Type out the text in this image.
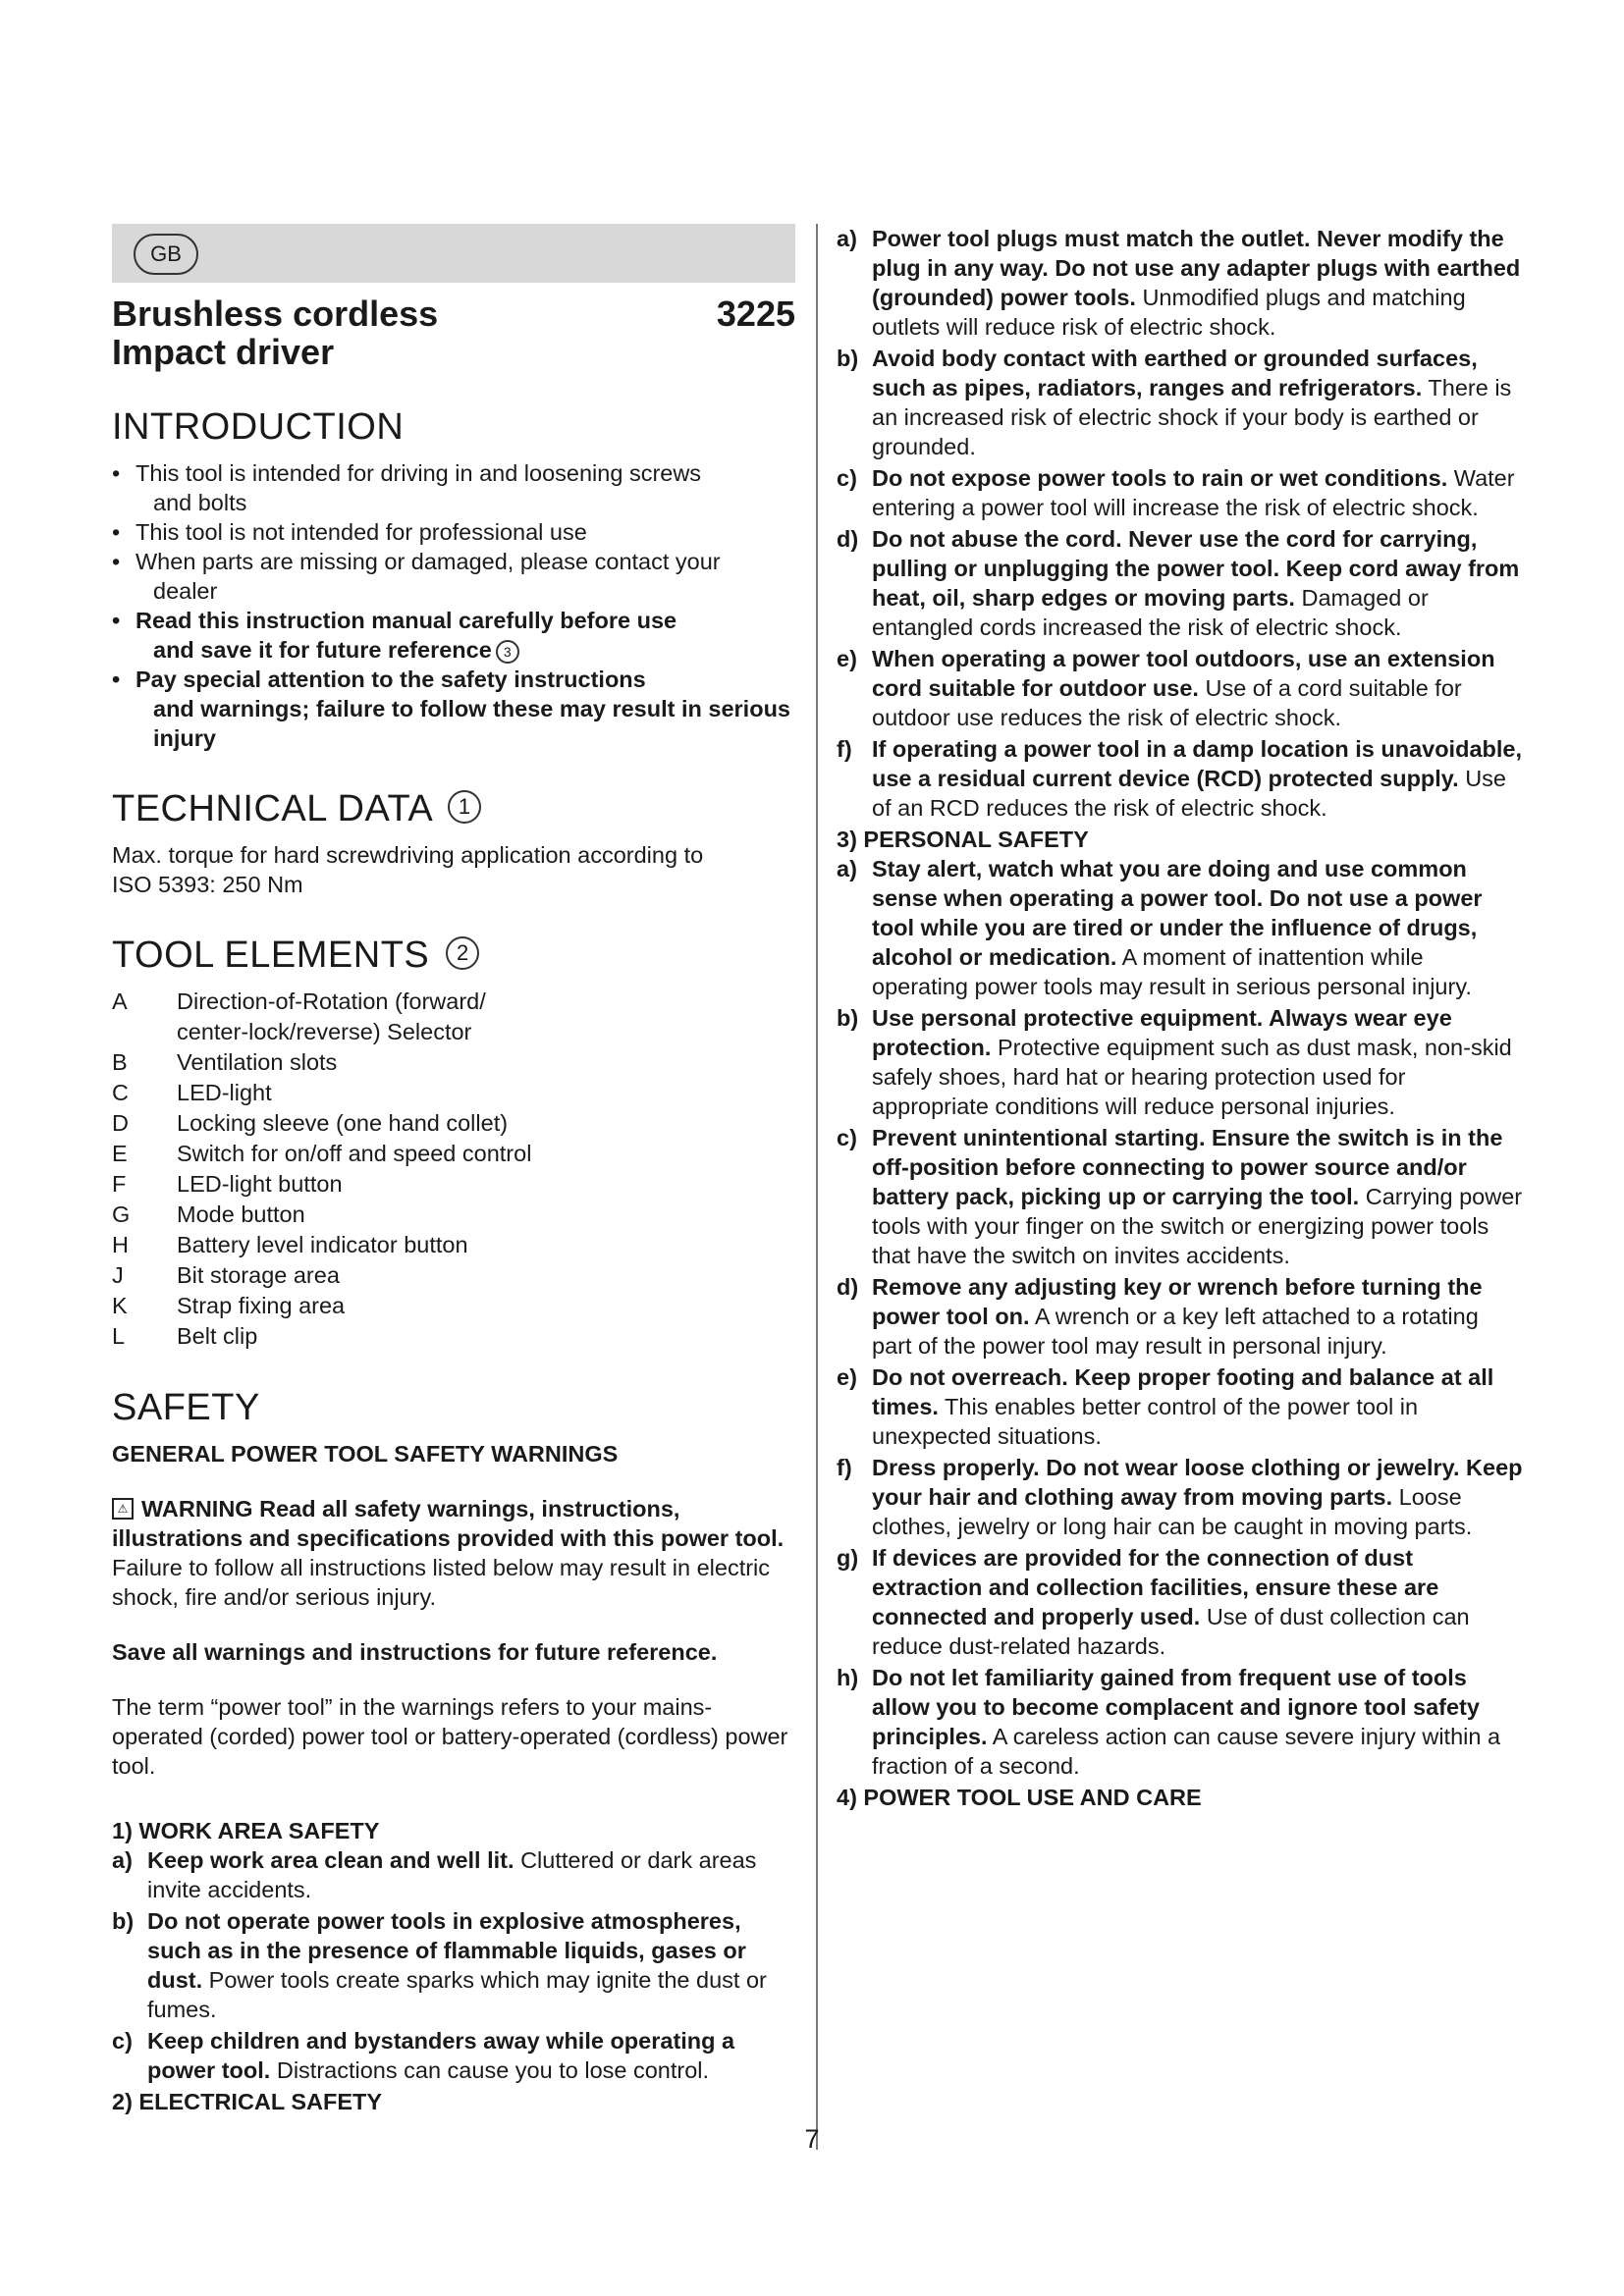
GB
Brushless cordless
Impact driver
3225
INTRODUCTION
• This tool is intended for driving in and loosening screws
and bolts
• This tool is not intended for professional use
• When parts are missing or damaged, please contact your
dealer
• Read this instruction manual carefully before use
and save it for future reference 3
• Pay special attention to the safety instructions
and warnings; failure to follow these may result in serious injury
TECHNICAL DATA 1

Max. torque for hard screwdriving application according to

ISO 5393: 250 Nm

TOOL ELEMENTS 2
A	Direction-of-Rotation (forward/
center-lock/reverse) Selector
B	Ventilation slots
C	LED-light
D	Locking sleeve (one hand collet)
E	Switch for on/off and speed control
F	LED-light button
G	Mode button
H	Battery level indicator button
J	Bit storage area
K	Strap fixing area
L	Belt clip
SAFETY

GENERAL POWER TOOL SAFETY WARNINGS

⚠ WARNING Read all safety warnings, instructions, illustrations and specifications provided with this power tool. Failure to follow all instructions listed below may result in electric shock, fire and/or serious injury.

Save all warnings and instructions for future reference.

The term “power tool” in the warnings refers to your mains-operated (corded) power tool or battery-operated (cordless) power tool.

1) WORK AREA SAFETY

a) Keep work area clean and well lit. Cluttered or dark areas invite accidents.
b) Do not operate power tools in explosive atmospheres, such as in the presence of flammable liquids, gases or dust. Power tools create sparks which may ignite the dust or fumes.
c) Keep children and bystanders away while operating a power tool. Distractions can cause you to lose control.

2) ELECTRICAL SAFETY

a) Power tool plugs must match the outlet. Never modify the plug in any way. Do not use any adapter plugs with earthed (grounded) power tools. Unmodified plugs and matching outlets will reduce risk of electric shock.
b) Avoid body contact with earthed or grounded surfaces, such as pipes, radiators, ranges and refrigerators. There is an increased risk of electric shock if your body is earthed or grounded.
c) Do not expose power tools to rain or wet conditions. Water entering a power tool will increase the risk of electric shock.
d) Do not abuse the cord. Never use the cord for carrying, pulling or unplugging the power tool. Keep cord away from heat, oil, sharp edges or moving parts. Damaged or entangled cords increased the risk of electric shock.
e) When operating a power tool outdoors, use an extension cord suitable for outdoor use. Use of a cord suitable for outdoor use reduces the risk of electric shock.
f) If operating a power tool in a damp location is unavoidable, use a residual current device (RCD) protected supply. Use of an RCD reduces the risk of electric shock.

3) PERSONAL SAFETY

a) Stay alert, watch what you are doing and use common sense when operating a power tool. Do not use a power tool while you are tired or under the influence of drugs, alcohol or medication. A moment of inattention while operating power tools may result in serious personal injury.
b) Use personal protective equipment. Always wear eye protection. Protective equipment such as dust mask, non-skid safely shoes, hard hat or hearing protection used for appropriate conditions will reduce personal injuries.
c) Prevent unintentional starting. Ensure the switch is in the off-position before connecting to power source and/or battery pack, picking up or carrying the tool. Carrying power tools with your finger on the switch or energizing power tools that have the switch on invites accidents.
d) Remove any adjusting key or wrench before turning the power tool on. A wrench or a key left attached to a rotating part of the power tool may result in personal injury.
e) Do not overreach. Keep proper footing and balance at all times. This enables better control of the power tool in unexpected situations.
f) Dress properly. Do not wear loose clothing or jewelry. Keep your hair and clothing away from moving parts. Loose clothes, jewelry or long hair can be caught in moving parts.
g) If devices are provided for the connection of dust extraction and collection facilities, ensure these are connected and properly used. Use of dust collection can reduce dust-related hazards.
h) Do not let familiarity gained from frequent use of tools allow you to become complacent and ignore tool safety principles. A careless action can cause severe injury within a fraction of a second.

4) POWER TOOL USE AND CARE

7
